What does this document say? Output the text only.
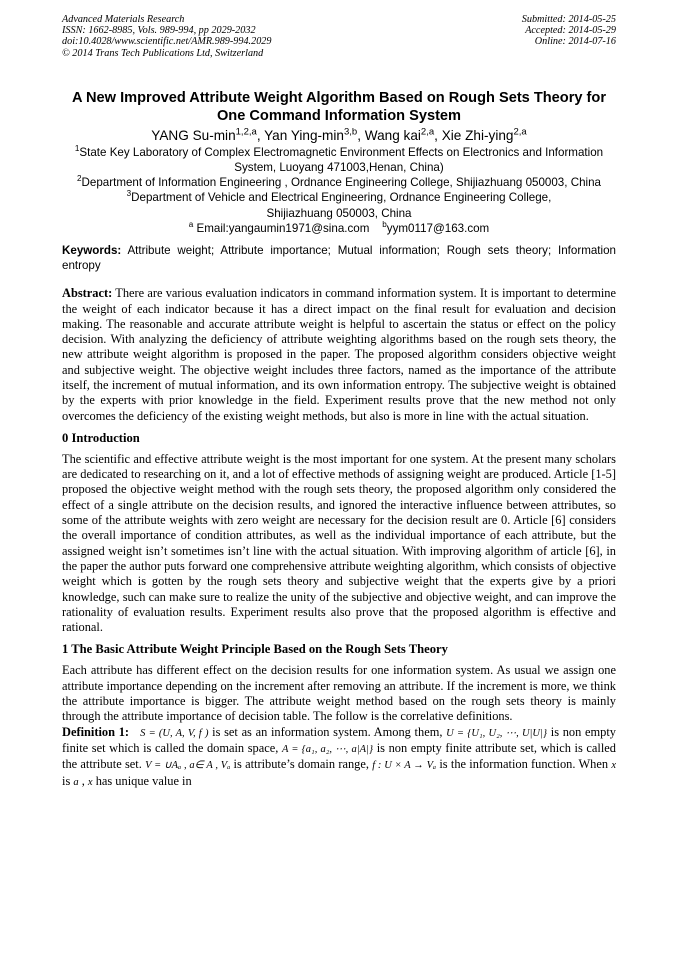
Advanced Materials Research
ISSN: 1662-8985, Vols. 989-994, pp 2029-2032
doi:10.4028/www.scientific.net/AMR.989-994.2029
© 2014 Trans Tech Publications Ltd, Switzerland
Submitted: 2014-05-25
Accepted: 2014-05-29
Online: 2014-07-16
A New Improved Attribute Weight Algorithm Based on Rough Sets Theory for One Command Information System
YANG $Su-\min^{1,2,a}$, Yan Ying-$\min^{3,b}$, Wang kai$^{2,a}$, Xie Zhi-ying$^{2,a}$
$^1$State Key Laboratory of Complex Electromagnetic Environment Effects on Electronics and Information System, Luoyang 471003,Henan, China)
$^2$Department of Information Engineering , Ordnance Engineering College, Shijiazhuang 050003, China
$^3$Department of Vehicle and Electrical Engineering, Ordnance Engineering College, Shijiazhuang 050003, China
$^a$ Email:yangaumin1971@sina.com $^b$yym0117@163.com
Keywords: Attribute weight; Attribute importance; Mutual information; Rough sets theory; Information entropy
Abstract: There are various evaluation indicators in command information system. It is important to determine the weight of each indicator because it has a direct impact on the final result for evaluation and decision making. The reasonable and accurate attribute weight is helpful to ascertain the status or effect on the policy decision. With analyzing the deficiency of attribute weighting algorithms based on the rough sets theory, the new attribute weight algorithm is proposed in the paper. The proposed algorithm considers objective weight and subjective weight. The objective weight includes three factors, named as the importance of the attribute itself, the increment of mutual information, and its own information entropy. The subjective weight is obtained by the experts with prior knowledge in the field. Experiment results prove that the new method not only overcomes the deficiency of the existing weight methods, but also is more in line with the actual situation.
0 Introduction
The scientific and effective attribute weight is the most important for one system. At the present many scholars are dedicated to researching on it, and a lot of effective methods of assigning weight are produced. Article [1-5] proposed the objective weight method with the rough sets theory, the proposed algorithm only considered the effect of a single attribute on the decision results, and ignored the interactive influence between attributes, so some of the attribute weights with zero weight are necessary for the decision result are 0. Article [6] considers the overall importance of condition attributes, as well as the individual importance of each attribute, but the assigned weight isn’t sometimes isn’t line with the actual situation. With improving algorithm of article [6], in the paper the author puts forward one comprehensive attribute weighting algorithm, which consists of objective weight which is gotten by the rough sets theory and subjective weight that the experts give by a priori knowledge, such can make sure to realize the unity of the subjective and objective weight, and can improve the rationality of evaluation results. Experiment results also prove that the proposed algorithm is effective and rational.
1 The Basic Attribute Weight Principle Based on the Rough Sets Theory
Each attribute has different effect on the decision results for one information system. As usual we assign one attribute importance depending on the increment after removing an attribute. If the increment is more, we think the attribute importance is bigger. The attribute weight method based on the rough sets theory is mainly through the attribute importance of decision table. The follow is the correlative definitions.
Definition 1: S = (U, A, V, f ) is set as an information system. Among them, U = {U₁, U₂, ⋯, U|U|} is non empty finite set which is called the domain space, A = {a₁, a₂, ⋯, a|A|} is non empty finite attribute set, which is called the attribute set. V = ∪Aₐ , a∈ A , Vₐ is attribute’s domain range, f : U × A → Vₐ is the information function. When x is a , x has unique value in
